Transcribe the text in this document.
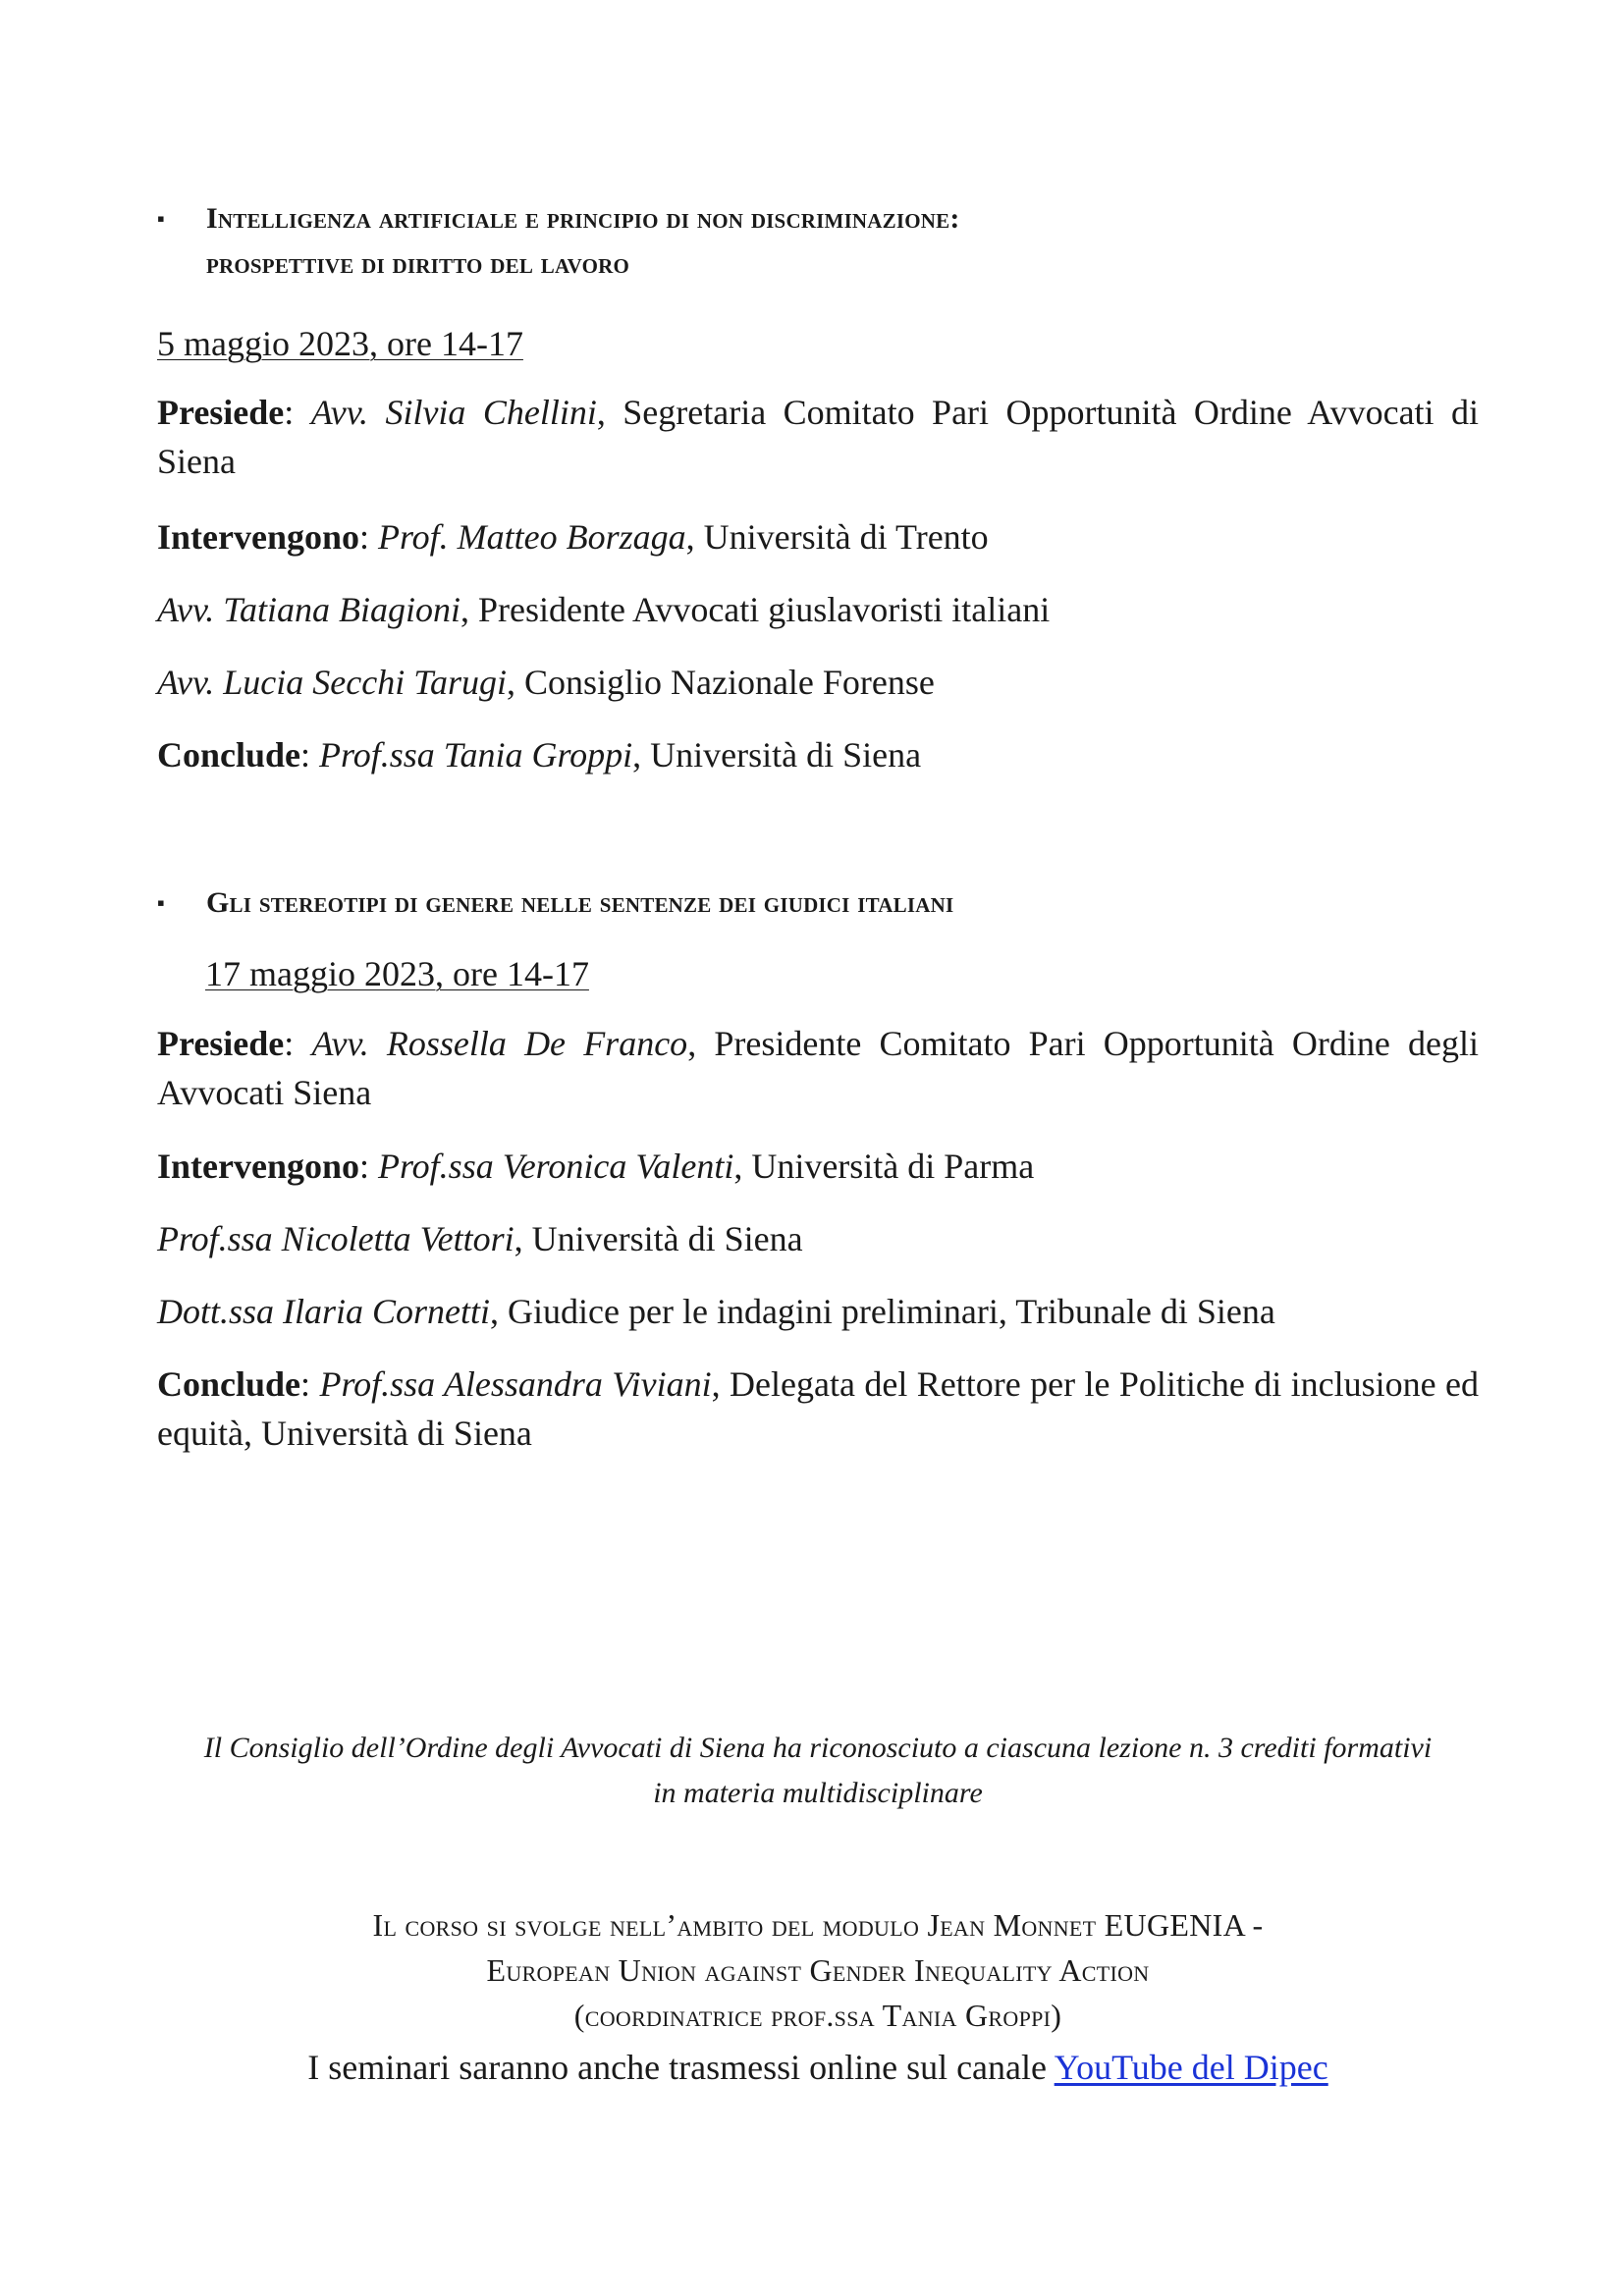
▪ Intelligenza artificiale e principio di non discriminazione:
prospettive di diritto del lavoro
5 maggio 2023, ore 14-17
Presiede: Avv. Silvia Chellini, Segretaria Comitato Pari Opportunità Ordine Avvocati di Siena
Intervengono: Prof. Matteo Borzaga, Università di Trento
Avv. Tatiana Biagioni, Presidente Avvocati giuslavoristi italiani
Avv. Lucia Secchi Tarugi, Consiglio Nazionale Forense
Conclude: Prof.ssa Tania Groppi, Università di Siena
▪ Gli stereotipi di genere nelle sentenze dei giudici italiani
17 maggio 2023, ore 14-17
Presiede: Avv. Rossella De Franco, Presidente Comitato Pari Opportunità Ordine degli Avvocati Siena
Intervengono: Prof.ssa Veronica Valenti, Università di Parma
Prof.ssa Nicoletta Vettori, Università di Siena
Dott.ssa Ilaria Cornetti, Giudice per le indagini preliminari, Tribunale di Siena
Conclude: Prof.ssa Alessandra Viviani, Delegata del Rettore per le Politiche di inclusione ed equità, Università di Siena
Il Consiglio dell’Ordine degli Avvocati di Siena ha riconosciuto a ciascuna lezione n. 3 crediti formativi
in materia multidisciplinare
Il corso si svolge nell’ambito del modulo Jean Monnet EUGENIA -
European Union against Gender Inequality Action
(coordinatrice prof.ssa Tania Groppi)
I seminari saranno anche trasmessi online sul canale YouTube del Dipec
